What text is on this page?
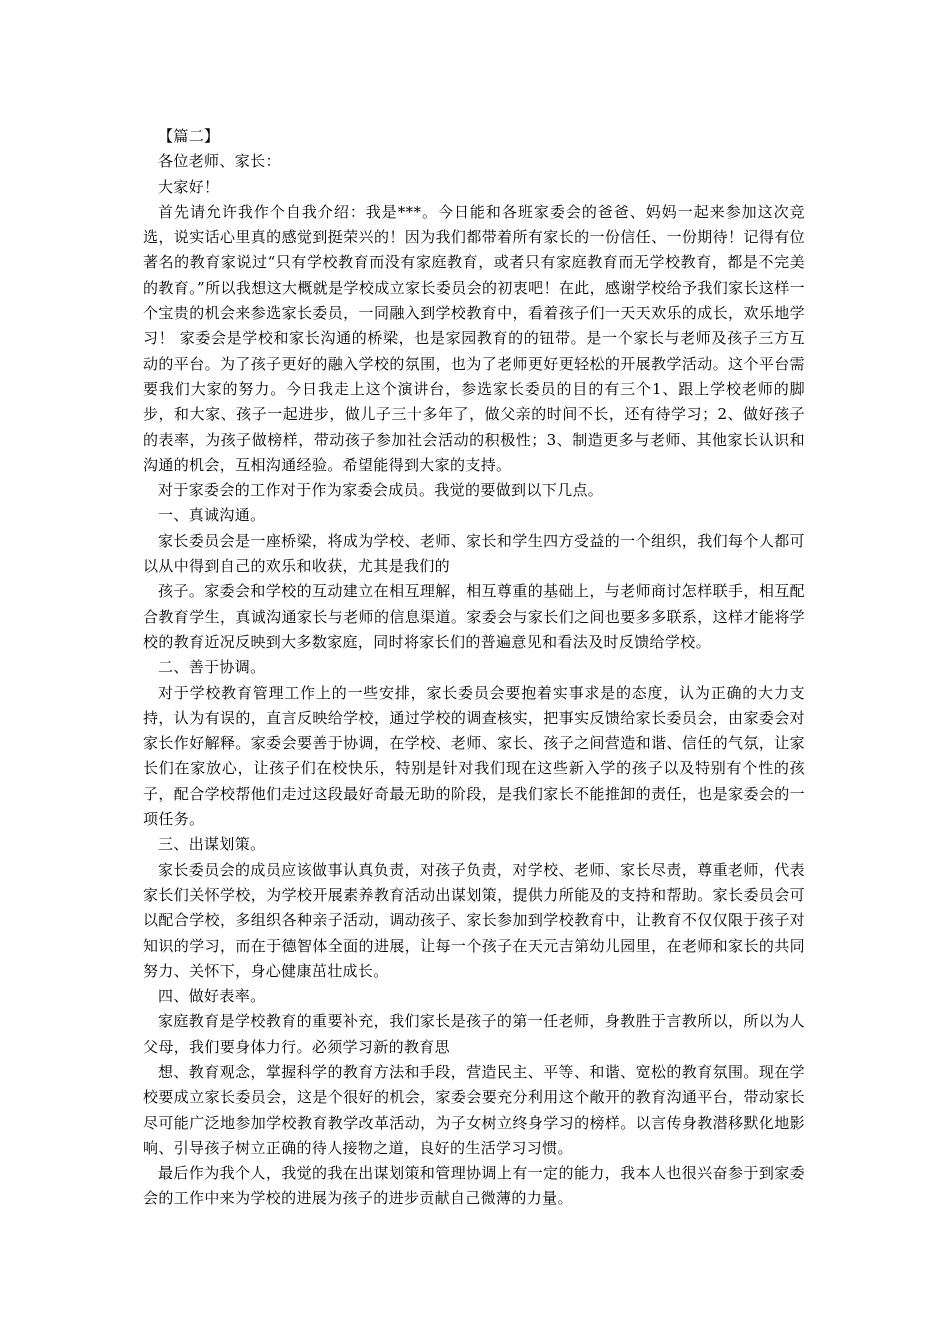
【篇二】
各位老师、家长：
大家好！

首先请允许我作个自我介绍：我是***。今日能和各班家委会的爸爸、妈妈一起来参加这次竞选，说实话心里真的感觉到挺荣兴的！因为我们都带着所有家长的一份信任、一份期待！记得有位著名的教育家说过“只有学校教育而没有家庭教育，或者只有家庭教育而无学校教育，都是不完美的教育。”所以我想这大概就是学校成立家长委员会的初衷吧！在此，感谢学校给予我们家长这样一个宝贵的机会来参选家长委员，一同融入到学校教育中，看着孩子们一天天欢乐的成长，欢乐地学习！ 家委会是学校和家长沟通的桥梁，也是家园教育的的钮带。是一个家长与老师及孩子三方互动的平台。为了孩子更好的融入学校的氛围，也为了老师更好更轻松的开展教学活动。这个平台需要我们大家的努力。今日我走上这个演讲台，参选家长委员的目的有三个1、跟上学校老师的脚步，和大家、孩子一起进步，做儿子三十多年了，做父亲的时间不长，还有待学习；2、做好孩子的表率，为孩子做榜样，带动孩子参加社会活动的积极性；3、制造更多与老师、其他家长认识和沟通的机会，互相沟通经验。希望能得到大家的支持。

对于家委会的工作对于作为家委会成员。我觉的要做到以下几点。

一、真诚沟通。

家长委员会是一座桥梁，将成为学校、老师、家长和学生四方受益的一个组织，我们每个人都可以从中得到自己的欢乐和收获，尤其是我们的

孩子。家委会和学校的互动建立在相互理解，相互尊重的基础上，与老师商讨怎样联手，相互配合教育学生，真诚沟通家长与老师的信息渠道。家委会与家长们之间也要多多联系，这样才能将学校的教育近况反映到大多数家庭，同时将家长们的普遍意见和看法及时反馈给学校。

二、善于协调。

对于学校教育管理工作上的一些安排，家长委员会要抱着实事求是的态度，认为正确的大力支持，认为有误的，直言反映给学校，通过学校的调查核实，把事实反馈给家长委员会，由家委会对家长作好解释。家委会要善于协调，在学校、老师、家长、孩子之间营造和谐、信任的气氛，让家长们在家放心，让孩子们在校快乐，特别是针对我们现在这些新入学的孩子以及特别有个性的孩子，配合学校帮他们走过这段最好奇最无助的阶段，是我们家长不能推卸的责任，也是家委会的一项任务。

三、出谋划策。

家长委员会的成员应该做事认真负责，对孩子负责，对学校、老师、家长尽责，尊重老师，代表家长们关怀学校，为学校开展素养教育活动出谋划策，提供力所能及的支持和帮助。家长委员会可以配合学校，多组织各种亲子活动，调动孩子、家长参加到学校教育中，让教育不仅仅限于孩子对知识的学习，而在于德智体全面的进展，让每一个孩子在天元吉第幼儿园里，在老师和家长的共同努力、关怀下，身心健康茁壮成长。

四、做好表率。

家庭教育是学校教育的重要补充，我们家长是孩子的第一任老师，身教胜于言教所以，所以为人父母，我们要身体力行。必须学习新的教育思

想、教育观念，掌握科学的教育方法和手段，营造民主、平等、和谐、宽松的教育氛围。现在学校要成立家长委员会，这是个很好的机会，家委会要充分利用这个敞开的教育沟通平台，带动家长尽可能广泛地参加学校教育教学改革活动，为子女树立终身学习的榜样。以言传身教潜移默化地影响、引导孩子树立正确的待人接物之道，良好的生活学习习惯。

最后作为我个人，我觉的我在出谋划策和管理协调上有一定的能力，我本人也很兴奋参于到家委会的工作中来为学校的进展为孩子的进步贡献自己微薄的力量。
